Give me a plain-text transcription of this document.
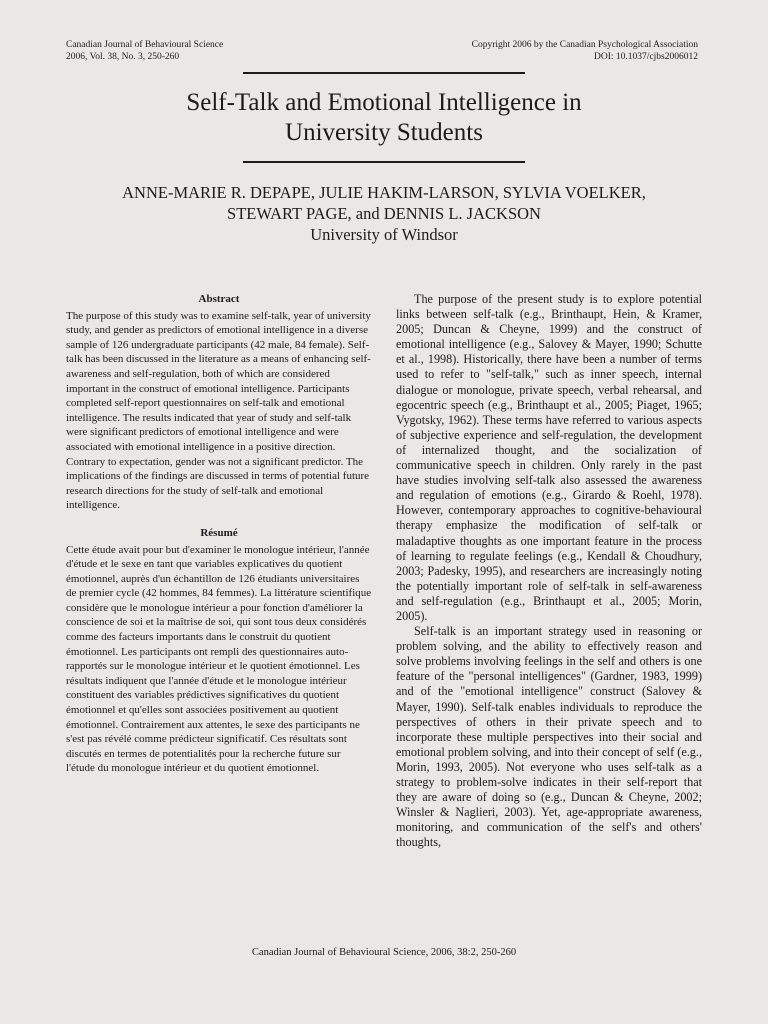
Canadian Journal of Behavioural Science
2006, Vol. 38, No. 3, 250-260
Copyright 2006 by the Canadian Psychological Association
DOI: 10.1037/cjbs2006012
Self-Talk and Emotional Intelligence in
University Students
ANNE-MARIE R. DEPAPE, JULIE HAKIM-LARSON, SYLVIA VOELKER,
STEWART PAGE, and DENNIS L. JACKSON
University of Windsor
Abstract

The purpose of this study was to examine self-talk, year of university study, and gender as predictors of emotional intelligence in a diverse sample of 126 undergraduate participants (42 male, 84 female). Self-talk has been discussed in the literature as a means of enhancing self-awareness and self-regulation, both of which are considered important in the construct of emotional intelligence. Participants completed self-report questionnaires on self-talk and emotional intelligence. The results indicated that year of study and self-talk were significant predictors of emotional intelligence and were associated with emotional intelligence in a positive direction. Contrary to expectation, gender was not a significant predictor. The implications of the findings are discussed in terms of potential future research directions for the study of self-talk and emotional intelligence.

Résumé

Cette étude avait pour but d'examiner le monologue intérieur, l'année d'étude et le sexe en tant que variables explicatives du quotient émotionnel, auprès d'un échantillon de 126 étudiants universitaires de premier cycle (42 hommes, 84 femmes). La littérature scientifique considère que le monologue intérieur a pour fonction d'améliorer la conscience de soi et la maîtrise de soi, qui sont tous deux considérés comme des facteurs importants dans le construit du quotient émotionnel. Les participants ont rempli des questionnaires auto-rapportés sur le monologue intérieur et le quotient émotionnel. Les résultats indiquent que l'année d'étude et le monologue intérieur constituent des variables prédictives significatives du quotient émotionnel et qu'elles sont associées positivement au quotient émotionnel. Contrairement aux attentes, le sexe des participants ne s'est pas révélé comme prédicteur significatif. Ces résultats sont discutés en termes de potentialités pour la recherche future sur l'étude du monologue intérieur et du quotient émotionnel.

The purpose of the present study is to explore potential links between self-talk (e.g., Brinthaupt, Hein, & Kramer, 2005; Duncan & Cheyne, 1999) and the construct of emotional intelligence (e.g., Salovey & Mayer, 1990; Schutte et al., 1998). Historically, there have been a number of terms used to refer to "self-talk," such as inner speech, internal dialogue or monologue, private speech, verbal rehearsal, and egocentric speech (e.g., Brinthaupt et al., 2005; Piaget, 1965; Vygotsky, 1962). These terms have referred to various aspects of subjective experience and self-regulation, the development of internalized thought, and the socialization of communicative speech in children. Only rarely in the past have studies involving self-talk also assessed the awareness and regulation of emotions (e.g., Girardo & Roehl, 1978). However, contemporary approaches to cognitive-behavioural therapy emphasize the modification of self-talk or maladaptive thoughts as one important feature in the process of learning to regulate feelings (e.g., Kendall & Choudhury, 2003; Padesky, 1995), and researchers are increasingly noting the potentially important role of self-talk in self-awareness and self-regulation (e.g., Brinthaupt et al., 2005; Morin, 2005).

Self-talk is an important strategy used in reasoning or problem solving, and the ability to effectively reason and solve problems involving feelings in the self and others is one feature of the "personal intelligences" (Gardner, 1983, 1999) and of the "emotional intelligence" construct (Salovey & Mayer, 1990). Self-talk enables individuals to reproduce the perspectives of others in their private speech and to incorporate these multiple perspectives into their social and emotional problem solving, and into their concept of self (e.g., Morin, 1993, 2005). Not everyone who uses self-talk as a strategy to problem-solve indicates in their self-report that they are aware of doing so (e.g., Duncan & Cheyne, 2002; Winsler & Naglieri, 2003). Yet, age-appropriate awareness, monitoring, and communication of the self's and others' thoughts,

Canadian Journal of Behavioural Science, 2006, 38:2, 250-260
